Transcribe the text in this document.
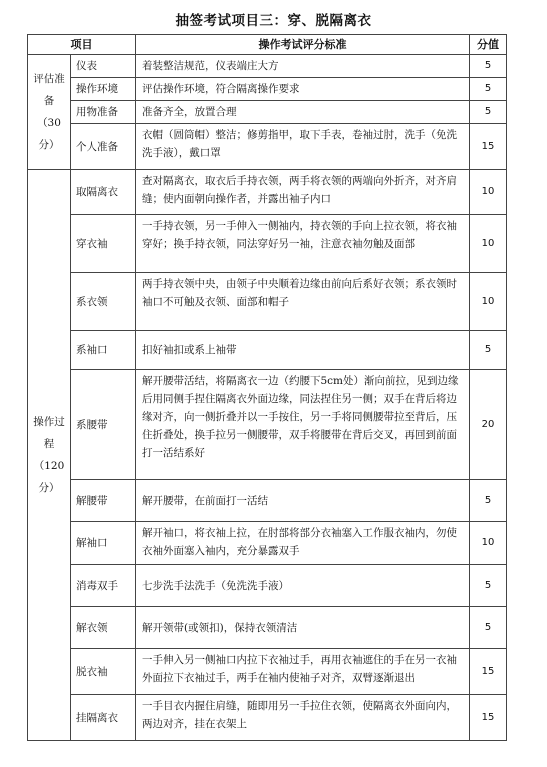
抽签考试项目三：穿、脱隔离衣
项目		操作考试评分标准	分值
评估准备（30分）	仪表	着装整洁规范，仪表端庄大方	5
	操作环境	评估操作环境，符合隔离操作要求	5
	用物准备	准备齐全，放置合理	5
	个人准备	衣帽（圆筒帽）整洁；修剪指甲，取下手表，卷袖过肘，洗手（免洗洗手液），戴口罩	15
操作过程（120分）	取隔离衣	查对隔离衣，取衣后手持衣领，两手将衣领的两端向外折齐，对齐肩缝；使内面朝向操作者，并露出袖子内口	10
	穿衣袖	一手持衣领，另一手伸入一侧袖内，持衣领的手向上拉衣领，将衣袖穿好；换手持衣领，同法穿好另一袖，注意衣袖勿触及面部	10
	系衣领	两手持衣领中央，由领子中央顺着边缘由前向后系好衣领；系衣领时袖口不可触及衣领、面部和帽子	10
	系袖口	扣好袖扣或系上袖带	5
	系腰带	解开腰带活结，将隔离衣一边（约腰下5cm处）渐向前拉，见到边缘后用同侧手捏住隔离衣外面边缘，同法捏住另一侧；双手在背后将边缘对齐，向一侧折叠并以一手按住，另一手将同侧腰带拉至背后，压住折叠处，换手拉另一侧腰带，双手将腰带在背后交叉，再回到前面打一活结系好	20
	解腰带	解开腰带，在前面打一活结	5
	解袖口	解开袖口，将衣袖上拉，在肘部将部分衣袖塞入工作服衣袖内，勿使衣袖外面塞入袖内，充分暴露双手	10
	消毒双手	七步洗手法洗手（免洗洗手液）	5
	解衣领	解开领带(或领扣)，保持衣领清洁	5
	脱衣袖	一手伸入另一侧袖口内拉下衣袖过手，再用衣袖遮住的手在另一衣袖外面拉下衣袖过手，两手在袖内使袖子对齐，双臂逐渐退出	15
	挂隔离衣	一手目衣内握住肩缝，随即用另一手拉住衣领，使隔离衣外面向内，两边对齐，挂在衣架上	15
